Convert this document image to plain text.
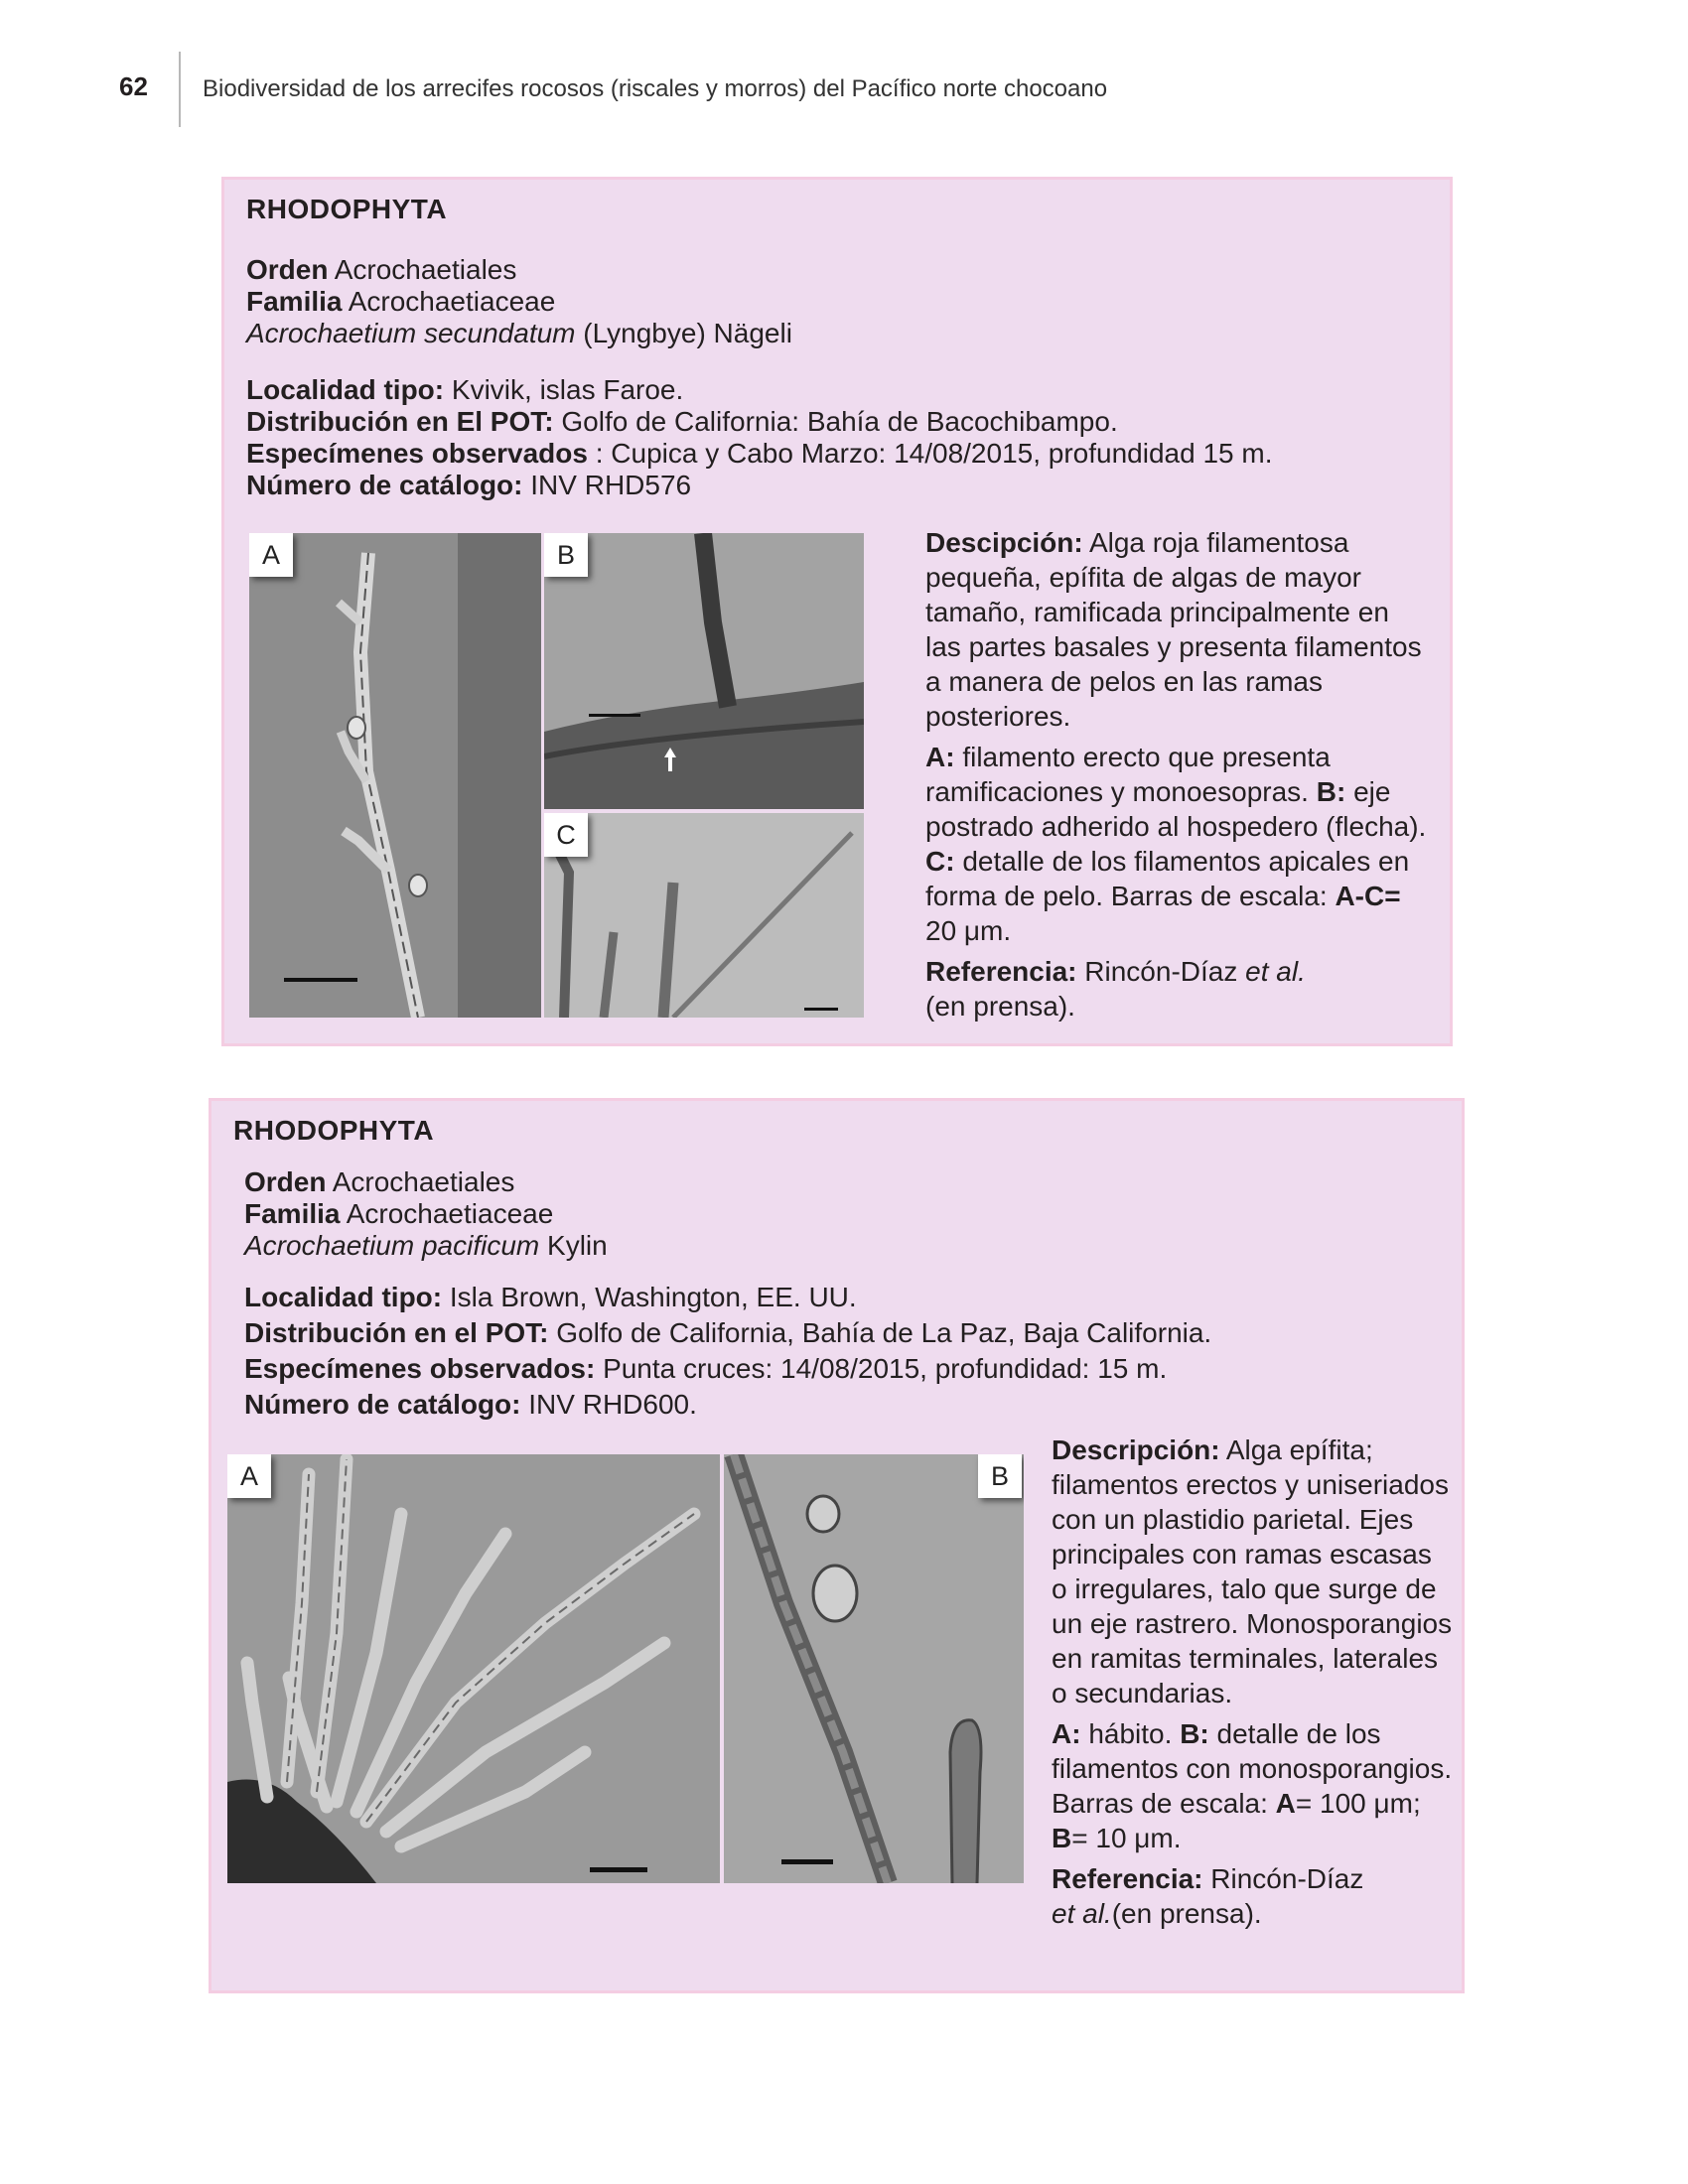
62 Biodiversidad de los arrecifes rocosos (riscales y morros) del Pacífico norte chocoano
RHODOPHYTA
Orden Acrochaetiales
Familia Acrochaetiaceae
Acrochaetium secundatum (Lyngbye) Nägeli
Localidad tipo: Kvivik, islas Faroe.
Distribución en El POT: Golfo de California: Bahía de Bacochibampo.
Especímenes observados : Cupica y Cabo Marzo: 14/08/2015, profundidad 15 m.
Número de catálogo: INV RHD576
A	B
C

Descipción: Alga roja filamentosa pequeña, epífita de algas de mayor tamaño, ramificada principalmente en las partes basales y presenta filamentos a manera de pelos en las ramas posteriores.

A: filamento erecto que presenta ramificaciones y monoesopras. B: eje postrado adherido al hospedero (flecha). C: detalle de los filamentos apicales en forma de pelo. Barras de escala: A-C= 20 μm.

Referencia: Rincón-Díaz et al.
(en prensa).

RHODOPHYTA
Orden Acrochaetiales
Familia Acrochaetiaceae
Acrochaetium pacificum Kylin
Localidad tipo: Isla Brown, Washington, EE. UU.
Distribución en el POT: Golfo de California, Bahía de La Paz, Baja California.
Especímenes observados: Punta cruces: 14/08/2015, profundidad: 15 m.
Número de catálogo: INV RHD600.
A	B

Descripción: Alga epífita; filamentos erectos y uniseriados con un plastidio parietal. Ejes principales con ramas escasas o irregulares, talo que surge de un eje rastrero. Monosporangios en ramitas terminales, laterales o secundarias.

A: hábito. B: detalle de los filamentos con monosporangios. Barras de escala: A= 100 μm; B= 10 μm.

Referencia: Rincón-Díaz
et al.(en prensa).
